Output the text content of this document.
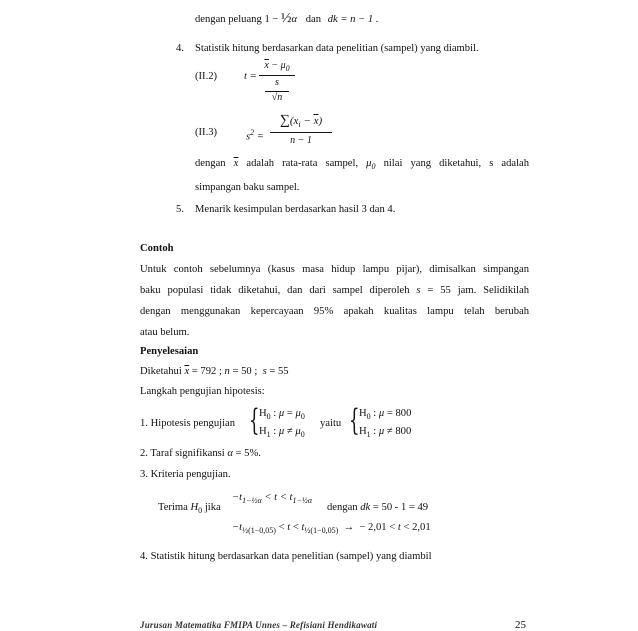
dengan peluang 1 − ½α dan dk = n − 1 .
4. Statistik hitung berdasarkan data penelitian (sampel) yang diambil.
(II.2)	t =
$\overline{x} - \mu_0$
s
√n
(II.3)	$s^2$ =
$\sum(x_i - \overline{x})$
n − 1
dengan $\overline{x}$ adalah rata-rata sampel, $\mu_0$ nilai yang diketahui, s adalah
simpangan baku sampel.
5. Menarik kesimpulan berdasarkan hasil 3 dan 4.
Contoh
Untuk contoh sebelumnya (kasus masa hidup lampu pijar), dimisalkan simpangan
baku populasi tidak diketahui, dan dari sampel diperoleh s = 55 jam. Selidikilah
dengan menggunakan kepercayaan 95% apakah kualitas lampu telah berubah
atau belum.
Penyelesaian
Diketahui $\overline{x} = 792$ ; n = 50 ;  s = 55
Langkah pengujian hipotesis:
1. Hipotesis pengujian { $H_0$ : $\mu = \mu_0$
$H_1$ : $\mu \ne \mu_0$
yaitu { $H_0$ : μ = 800
$H_1$ : μ ≠ 800
2. Taraf signifikansi α = 5%.
3. Kriteria pengujian.
Terima $H_0$ jika
$-t_{1-\frac{1}{2}\alpha} < t < t_{1-\frac{1}{2}\alpha}$
dengan dk = 50 - 1 = 49
$-t_{\frac{1}{2}(1-0,05)} < t < t_{\frac{1}{2}(1-0,05)}$  →  − 2,01 < t < 2,01
4. Statistik hitung berdasarkan data penelitian (sampel) yang diambil
Jurusan Matematika FMIPA Unnes – Refisiani Hendikawati	25
